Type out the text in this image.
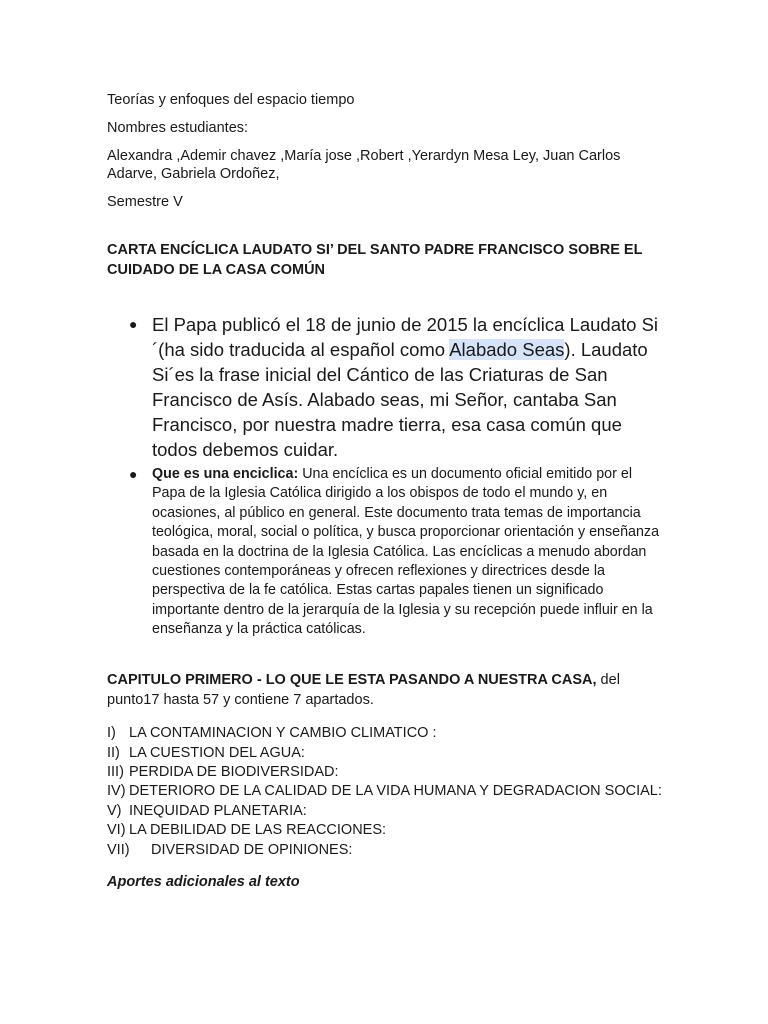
Teorías y enfoques del espacio tiempo

Nombres estudiantes:

Alexandra ,Ademir chavez ,María jose ,Robert ,Yerardyn Mesa Ley, Juan Carlos Adarve, Gabriela Ordoñez,

Semestre V

CARTA ENCÍCLICA LAUDATO SI’ DEL SANTO PADRE FRANCISCO SOBRE EL CUIDADO DE LA CASA COMÚN

● El Papa publicó el 18 de junio de 2015 la encíclica Laudato Si´(ha sido traducida al español como Alabado Seas). Laudato Si´es la frase inicial del Cántico de las Criaturas de San Francisco de Asís. Alabado seas, mi Señor, cantaba San Francisco, por nuestra madre tierra, esa casa común que todos debemos cuidar.
● Que es una enciclica: Una encíclica es un documento oficial emitido por el Papa de la Iglesia Católica dirigido a los obispos de todo el mundo y, en ocasiones, al público en general. Este documento trata temas de importancia teológica, moral, social o política, y busca proporcionar orientación y enseñanza basada en la doctrina de la Iglesia Católica. Las encíclicas a menudo abordan cuestiones contemporáneas y ofrecen reflexiones y directrices desde la perspectiva de la fe católica. Estas cartas papales tienen un significado importante dentro de la jerarquía de la Iglesia y su recepción puede influir en la enseñanza y la práctica católicas.

CAPITULO PRIMERO - LO QUE LE ESTA PASANDO A NUESTRA CASA, del punto17 hasta 57 y contiene 7 apartados.

I) LA CONTAMINACION Y CAMBIO CLIMATICO :
II) LA CUESTION DEL AGUA:
III) PERDIDA DE BIODIVERSIDAD:
IV) DETERIORO DE LA CALIDAD DE LA VIDA HUMANA Y DEGRADACION SOCIAL:
V) INEQUIDAD PLANETARIA:
VI) LA DEBILIDAD DE LAS REACCIONES:
VII) DIVERSIDAD DE OPINIONES:

Aportes adicionales al texto
